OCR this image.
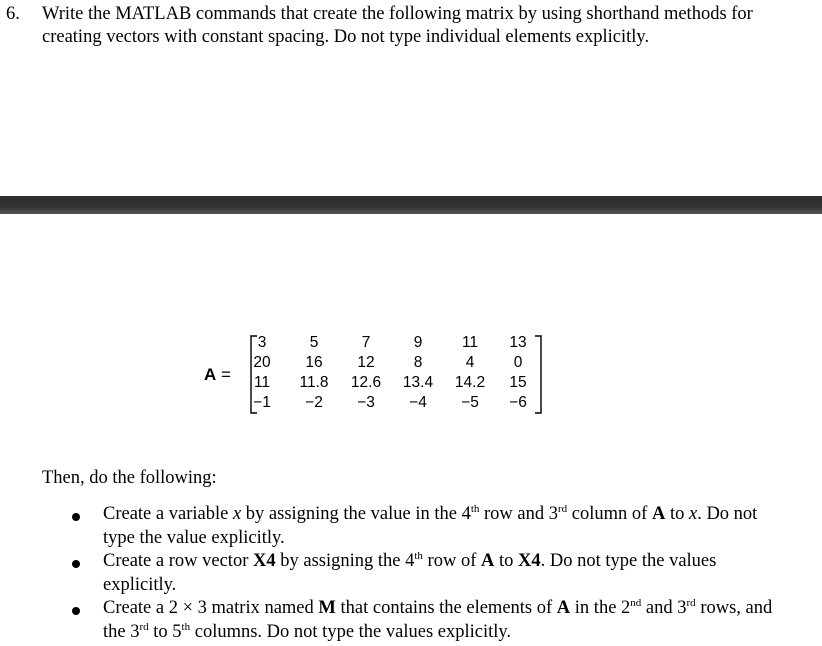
6. Write the MATLAB commands that create the following matrix by using shorthand methods for creating vectors with constant spacing. Do not type individual elements explicitly.
A =
3	5	7	9	11	13
20	16	12	8	4	0
11	11.8	12.6	13.4	14.2	15
−1	−2	−3	−4	−5	−6
Then, do the following:
Create a variable x by assigning the value in the 4th row and 3rd column of A to x. Do not type the value explicitly.
Create a row vector X4 by assigning the 4th row of A to X4. Do not type the values explicitly.
Create a 2 × 3 matrix named M that contains the elements of A in the 2nd and 3rd rows, and the 3rd to 5th columns. Do not type the values explicitly.
